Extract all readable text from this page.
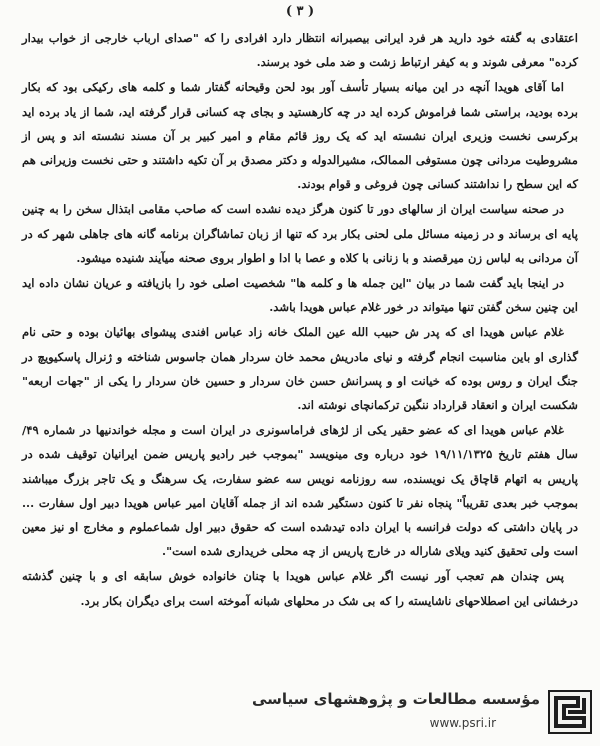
( ٣ )

اعتقادی به گفته خود دارید هر فرد ایرانی بیصبرانه انتظار دارد افرادی را که "صدای ارباب خارجی از خواب بیدار کرده" معرفی شوند و به کیفر ارتباط زشت و ضد ملی خود برسند.

اما آقای هویدا آنچه در این میانه بسیار تأسف آور بود لحن وقیحانه گفتار شما و کلمه های رکیکی بود که بکار برده بودید، براستی شما فراموش کرده اید در چه کارهستید و بجای چه کسانی قرار گرفته اید، شما از یاد برده اید برکرسی نخست وزیری ایران نشسته اید که یک روز قائم مقام و امیر کبیر بر آن مسند نشسته اند و پس از مشروطیت مردانی چون مستوفی الممالک، مشیرالدوله و دکتر مصدق بر آن تکیه داشتند و حتی نخست وزیرانی هم که این سطح را نداشتند کسانی چون فروغی و قوام بودند.

در صحنه سیاست ایران از سالهای دور تا کنون هرگز دیده نشده است که صاحب مقامی ابتذال سخن را به چنین پایه ای برساند و در زمینه مسائل ملی لحنی بکار برد که تنها از زبان تماشاگران برنامه گانه های جاهلی شهر که در آن مردانی به لباس زن میرقصند و با زنانی با کلاه و عصا با ادا و اطوار بروی صحنه میآیند شنیده میشود.

در اینجا باید گفت شما در بیان "این جمله ها و کلمه ها" شخصیت اصلی خود را بازیافته و عریان نشان داده اید این چنین سخن گفتن تنها میتواند در خور غلام عباس هویدا باشد.

غلام عباس هویدا ای که پدر ش حبیب الله عین الملک خانه زاد عباس افندی پیشوای بهائیان بوده و حتی نام گذاری او باین مناسبت انجام گرفته و نیای مادریش محمد خان سردار همان جاسوس شناخته و ژنرال پاسکیویچ در جنگ ایران و روس بوده که خیانت او و پسرانش حسن خان سردار و حسین خان سردار را یکی از "جهات اربعه" شکست ایران و انعقاد قرارداد ننگین ترکمانچای نوشته اند.

غلام عباس هویدا ای که عضو حقیر یکی از لژهای فراماسونری در ایران است و مجله خواندنیها در شماره ۴۹/ سال هفتم تاریخ ۱۹/۱۱/۱۳۲۵ خود درباره وی مینویسد "بموجب خبر رادیو پاریس ضمن ایرانیان توقیف شده در پاریس به اتهام قاچاق یک نویسنده، سه روزنامه نویس سه عضو سفارت، یک سرهنگ و یک تاجر بزرگ میباشند بموجب خبر بعدی تقریباً" پنجاه نفر تا کنون دستگیر شده اند از جمله آقایان امیر عباس هویدا دبیر اول سفارت ... در پایان داشتی که دولت فرانسه با ایران داده تیدشده است که حقوق دبیر اول شماعملوم و مخارج او نیز معین است ولی تحقیق کنید ویلای شاراله در خارج پاریس از چه محلی خریداری شده است".

پس چندان هم تعجب آور نیست اگر غلام عباس هویدا با چنان خانواده خوش سابقه ای و با چنین گذشته درخشانی این اصطلاحهای ناشایسته را که بی شک در محلهای شبانه آموخته است برای دیگران بکار برد.

مؤسسه مطالعات و پژوهشهای سیاسی
www.psri.ir
